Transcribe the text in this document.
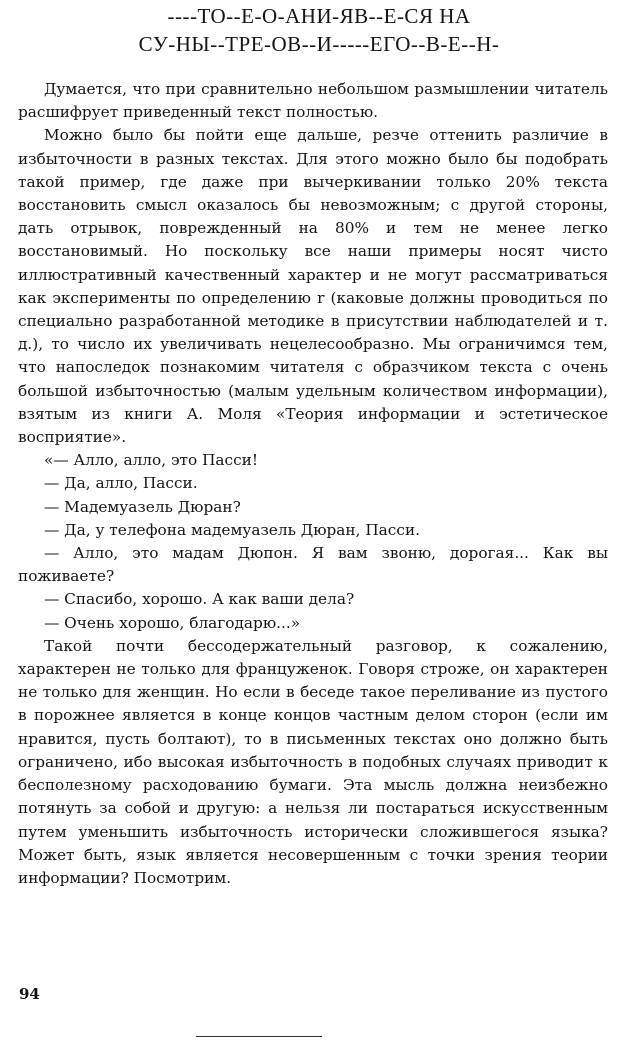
----ТО--Е-О-АНИ-ЯВ--Е-СЯ НА
СУ-НЫ--ТРЕ-ОВ--И-----ЕГО--В-Е--Н-

Думается, что при сравнительно небольшом размышлении читатель расшифрует приведенный текст полностью.

Можно было бы пойти еще дальше, резче оттенить различие в избыточности в разных текстах. Для этого можно было бы подобрать такой пример, где даже при вычеркивании только 20% текста восстановить смысл оказалось бы невозможным; с другой стороны, дать отрывок, поврежденный на 80% и тем не менее легко восстановимый. Но поскольку все наши примеры носят чисто иллюстративный качественный характер и не могут рассматриваться как эксперименты по определению r (каковые должны проводиться по специально разработанной методике в присутствии наблюдателей и т. д.), то число их увеличивать нецелесообразно. Мы ограничимся тем, что напоследок познакомим читателя с образчиком текста с очень большой избыточностью (малым удельным количеством информации), взятым из книги А. Моля «Теория информации и эстетическое восприятие».

«— Алло, алло, это Пасси!

— Да, алло, Пасси.

— Мадемуазель Дюран?

— Да, у телефона мадемуазель Дюран, Пасси.

— Алло, это мадам Дюпон. Я вам звоню, дорогая... Как вы поживаете?

— Спасибо, хорошо. А как ваши дела?

— Очень хорошо, благодарю...»

Такой почти бессодержательный разговор, к сожалению, характерен не только для француженок. Говоря строже, он характерен не только для женщин. Но если в беседе такое переливание из пустого в порожнее является в конце концов частным делом сторон (если им нравится, пусть болтают), то в письменных текстах оно должно быть ограничено, ибо высокая избыточность в подобных случаях приводит к бесполезному расходованию бумаги. Эта мысль должна неизбежно потянуть за собой и другую: а нельзя ли постараться искусственным путем уменьшить избыточность исторически сложившегося языка? Может быть, язык является несовершенным с точки зрения теории информации? Посмотрим.

94
